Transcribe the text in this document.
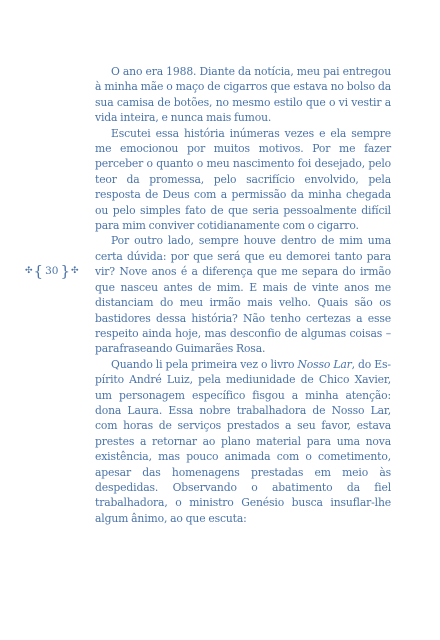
✣ { 30 } ✣

O ano era 1988. Diante da notícia, meu pai entregou à minha mãe o maço de cigarros que estava no bolso da sua camisa de botões, no mesmo estilo que o vi vestir a vida inteira, e nunca mais fumou.

Escutei essa história inúmeras vezes e ela sempre me emocionou por muitos motivos. Por me fazer perceber o quanto o meu nascimento foi desejado, pelo teor da promessa, pelo sacrifício envolvido, pela resposta de Deus com a permissão da minha chegada ou pelo simples fato de que seria pessoalmente difícil para mim conviver cotidianamente com o cigarro.

Por outro lado, sempre houve dentro de mim uma certa dúvida: por que será que eu demorei tanto para vir? Nove anos é a diferença que me separa do irmão que nasceu antes de mim. E mais de vinte anos me distanciam do meu irmão mais velho. Quais são os bastidores dessa história? Não tenho certezas a esse respeito ainda hoje, mas desconfio de algumas coisas – parafraseando Guimarães Rosa.

Quando li pela primeira vez o livro Nosso Lar, do Espírito André Luiz, pela mediunidade de Chico Xavier, um personagem específico fisgou a minha atenção: dona Laura. Essa nobre trabalhadora de Nosso Lar, com horas de serviços prestados a seu favor, estava prestes a retornar ao plano material para uma nova existência, mas pouco animada com o cometimento, apesar das homenagens prestadas em meio às despedidas. Observando o abatimento da fiel trabalhadora, o ministro Genésio busca insuflar-lhe algum ânimo, ao que escuta:
